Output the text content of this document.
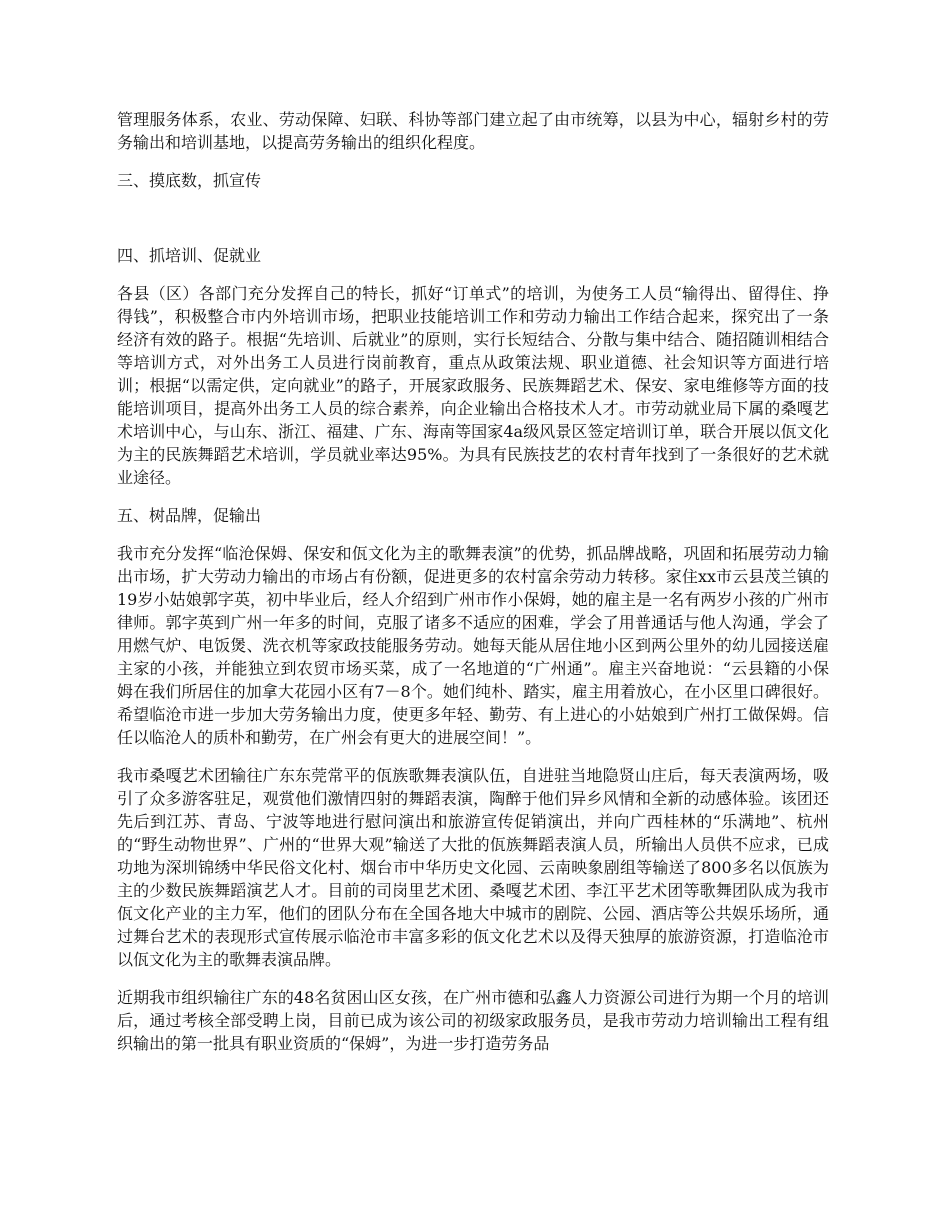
管理服务体系，农业、劳动保障、妇联、科协等部门建立起了由市统筹，以县为中心，辐射乡村的劳务输出和培训基地，以提高劳务输出的组织化程度。

三、摸底数，抓宣传

四、抓培训、促就业

各县（区）各部门充分发挥自己的特长，抓好“订单式”的培训，为使务工人员“输得出、留得住、挣得钱”，积极整合市内外培训市场，把职业技能培训工作和劳动力输出工作结合起来，探究出了一条经济有效的路子。根据“先培训、后就业”的原则，实行长短结合、分散与集中结合、随招随训相结合等培训方式，对外出务工人员进行岗前教育，重点从政策法规、职业道德、社会知识等方面进行培训；根据“以需定供，定向就业”的路子，开展家政服务、民族舞蹈艺术、保安、家电维修等方面的技能培训项目，提高外出务工人员的综合素养，向企业输出合格技术人才。市劳动就业局下属的桑嘎艺术培训中心，与山东、浙江、福建、广东、海南等国家4a级风景区签定培训订单，联合开展以佤文化为主的民族舞蹈艺术培训，学员就业率达95%。为具有民族技艺的农村青年找到了一条很好的艺术就业途径。

五、树品牌，促输出

我市充分发挥“临沧保姆、保安和佤文化为主的歌舞表演”的优势，抓品牌战略，巩固和拓展劳动力输出市场，扩大劳动力输出的市场占有份额，促进更多的农村富余劳动力转移。家住xx市云县茂兰镇的19岁小姑娘郭字英，初中毕业后，经人介绍到广州市作小保姆，她的雇主是一名有两岁小孩的广州市律师。郭字英到广州一年多的时间，克服了诸多不适应的困难，学会了用普通话与他人沟通，学会了用燃气炉、电饭煲、洗衣机等家政技能服务劳动。她每天能从居住地小区到两公里外的幼儿园接送雇主家的小孩，并能独立到农贸市场买菜，成了一名地道的“广州通”。雇主兴奋地说：“云县籍的小保姆在我们所居住的加拿大花园小区有7－8个。她们纯朴、踏实，雇主用着放心，在小区里口碑很好。希望临沧市进一步加大劳务输出力度，使更多年轻、勤劳、有上进心的小姑娘到广州打工做保姆。信任以临沧人的质朴和勤劳，在广州会有更大的进展空间！”。

我市桑嘎艺术团输往广东东莞常平的佤族歌舞表演队伍，自进驻当地隐贤山庄后，每天表演两场，吸引了众多游客驻足，观赏他们激情四射的舞蹈表演，陶醉于他们异乡风情和全新的动感体验。该团还先后到江苏、青岛、宁波等地进行慰问演出和旅游宣传促销演出，并向广西桂林的“乐满地”、杭州的“野生动物世界”、广州的“世界大观”输送了大批的佤族舞蹈表演人员，所输出人员供不应求，已成功地为深圳锦绣中华民俗文化村、烟台市中华历史文化园、云南映象剧组等输送了800多名以佤族为主的少数民族舞蹈演艺人才。目前的司岗里艺术团、桑嘎艺术团、李江平艺术团等歌舞团队成为我市佤文化产业的主力军，他们的团队分布在全国各地大中城市的剧院、公园、酒店等公共娱乐场所，通过舞台艺术的表现形式宣传展示临沧市丰富多彩的佤文化艺术以及得天独厚的旅游资源，打造临沧市以佤文化为主的歌舞表演品牌。

近期我市组织输往广东的48名贫困山区女孩，在广州市德和弘鑫人力资源公司进行为期一个月的培训后，通过考核全部受聘上岗，目前已成为该公司的初级家政服务员，是我市劳动力培训输出工程有组织输出的第一批具有职业资质的“保姆”，为进一步打造劳务品
